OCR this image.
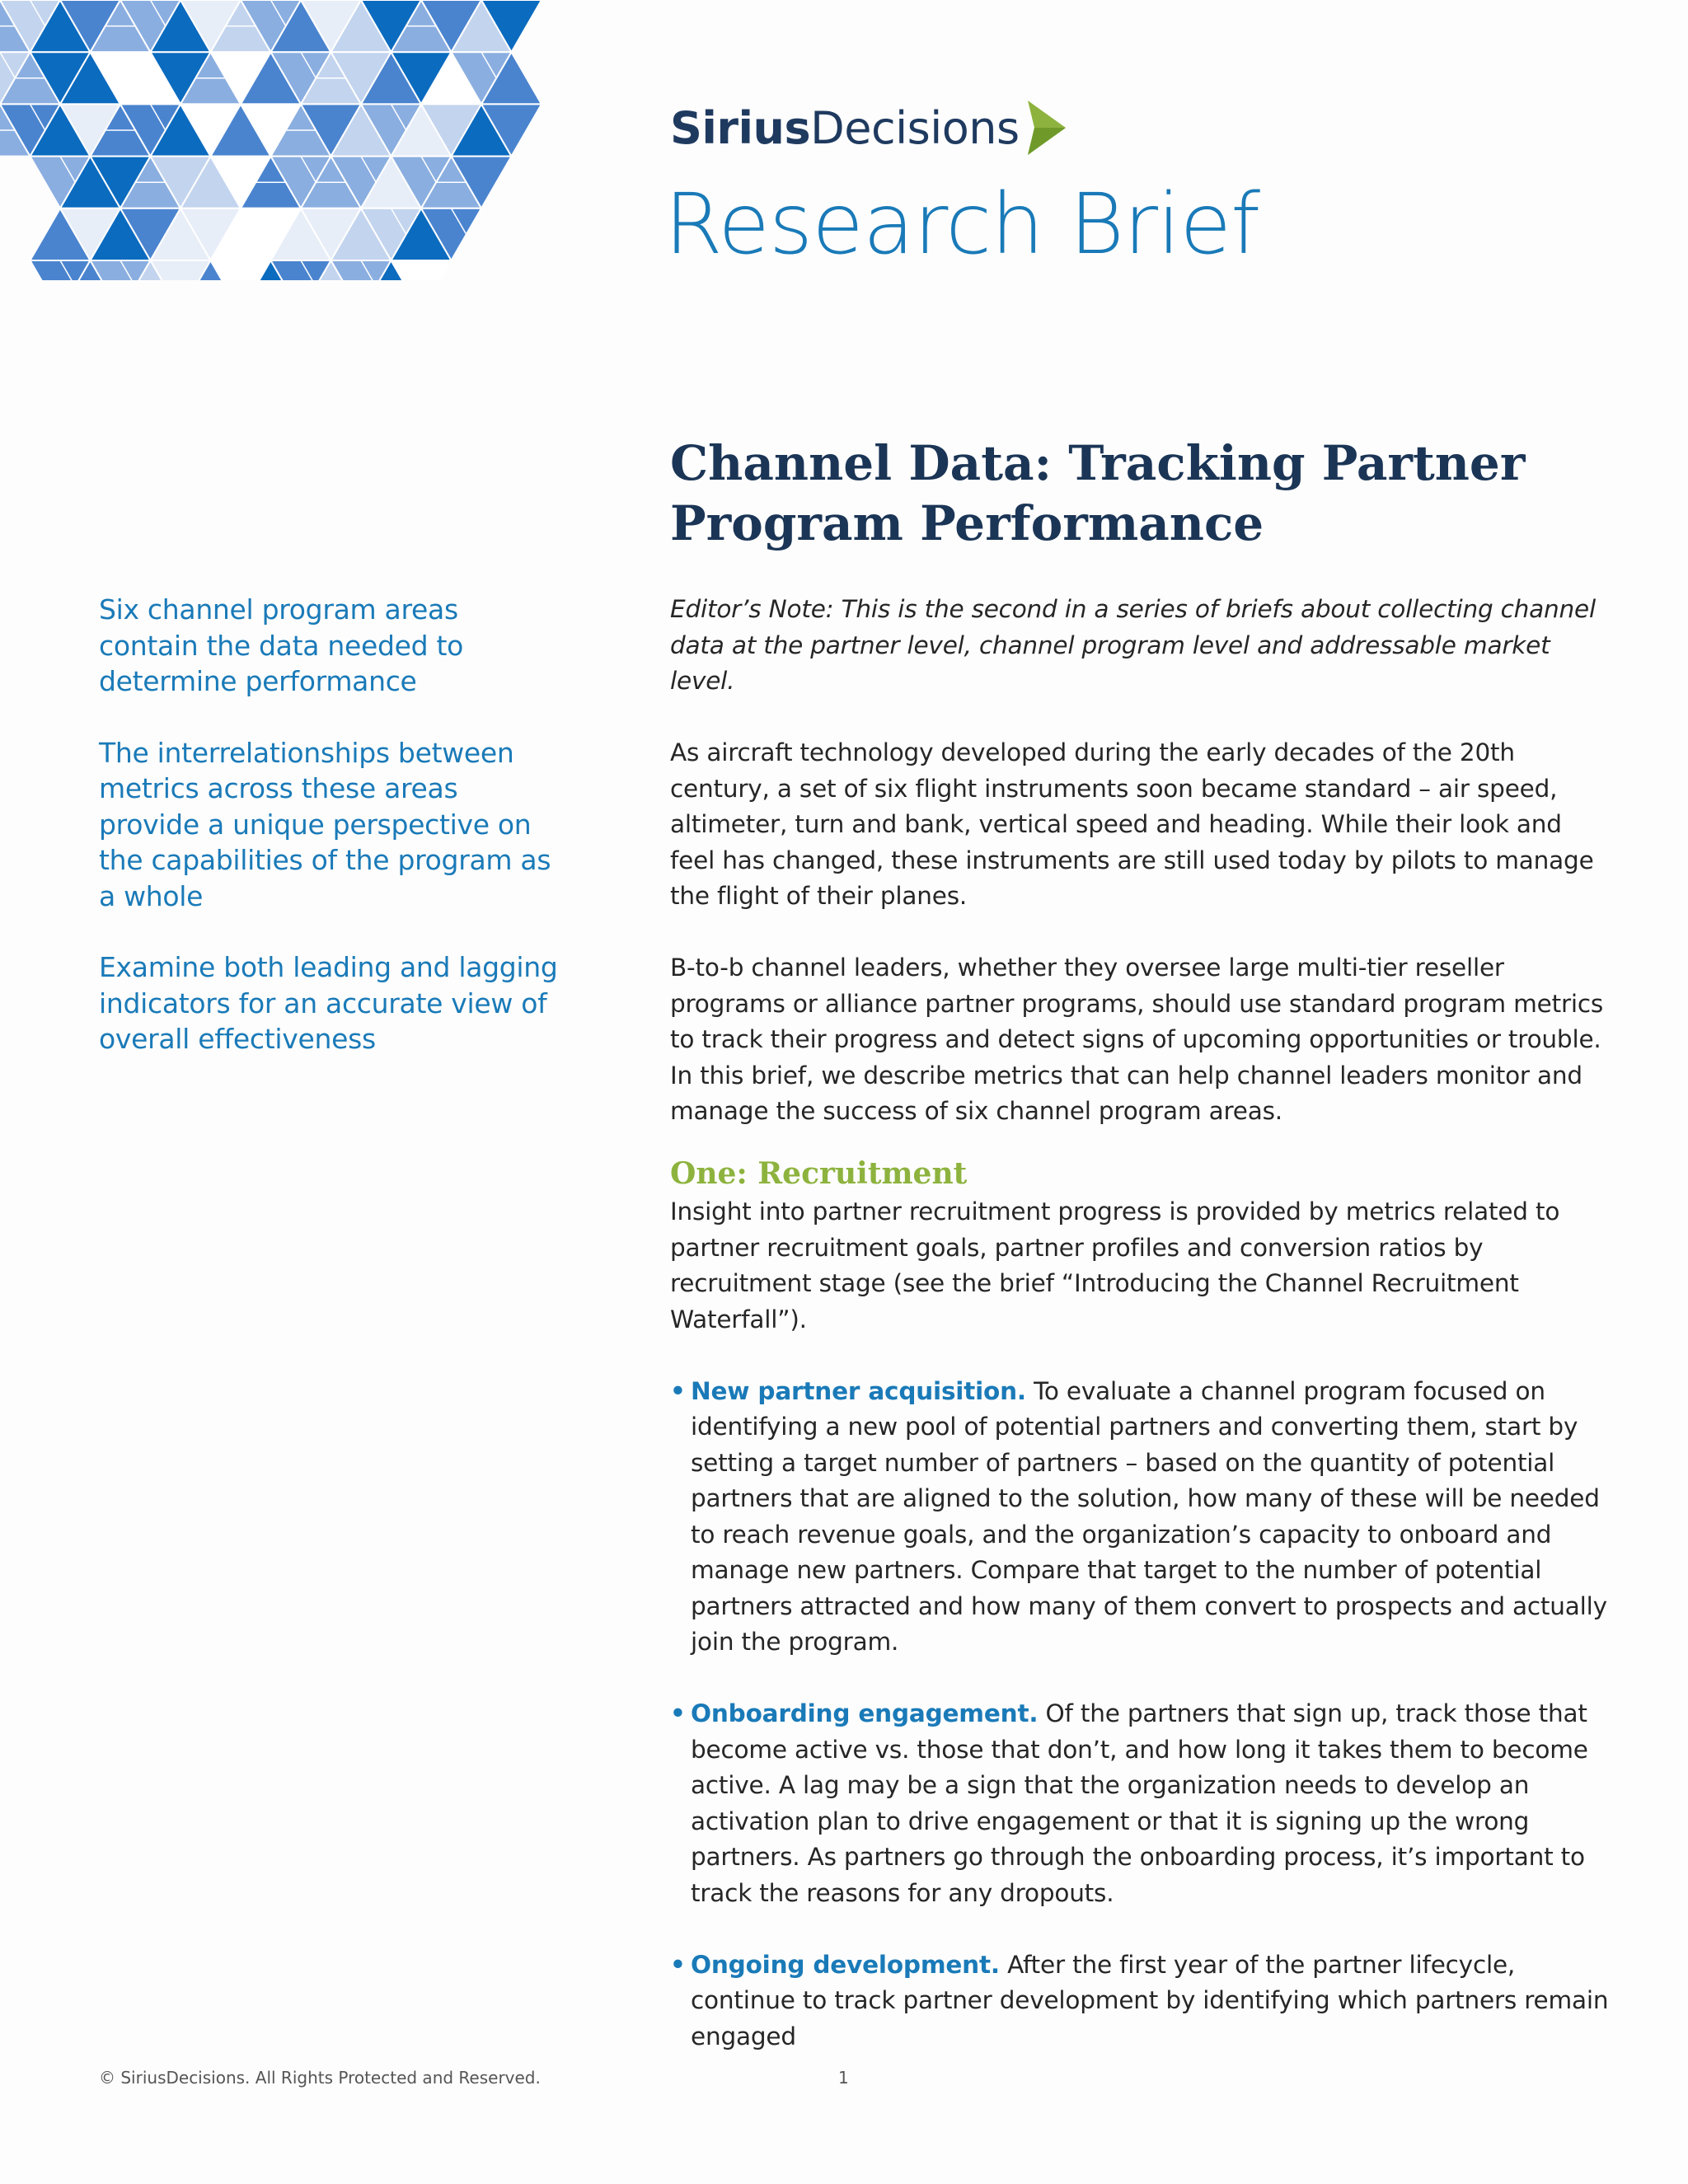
Sirius Decisions
Research Brief
Channel Data: Tracking Partner
Program Performance
Six channel program areas contain the data needed to determine performance
The interrelationships between metrics across these areas provide a unique perspective on the capabilities of the program as a whole
Examine both leading and lagging indicators for an accurate view of overall effectiveness

Editor’s Note: This is the second in a series of briefs about collecting channel data at the partner level, channel program level and addressable market level.

As aircraft technology developed during the early decades of the 20th century, a set of six flight instruments soon became standard – air speed, altimeter, turn and bank, vertical speed and heading. While their look and feel has changed, these instruments are still used today by pilots to manage the flight of their planes.

B-to-b channel leaders, whether they oversee large multi-tier reseller programs or alliance partner programs, should use standard program metrics to track their progress and detect signs of upcoming opportunities or trouble. In this brief, we describe metrics that can help channel leaders monitor and manage the success of six channel program areas.

One: Recruitment

Insight into partner recruitment progress is provided by metrics related to partner recruitment goals, partner profiles and conversion ratios by recruitment stage (see the brief “Introducing the Channel Recruitment Waterfall”).

• New partner acquisition. To evaluate a channel program focused on identifying a new pool of potential partners and converting them, start by setting a target number of partners – based on the quantity of potential partners that are aligned to the solution, how many of these will be needed to reach revenue goals, and the organization’s capacity to onboard and manage new partners. Compare that target to the number of potential partners attracted and how many of them convert to prospects and actually join the program.
• Onboarding engagement. Of the partners that sign up, track those that become active vs. those that don’t, and how long it takes them to become active. A lag may be a sign that the organization needs to develop an activation plan to drive engagement or that it is signing up the wrong partners. As partners go through the onboarding process, it’s important to track the reasons for any dropouts.
• Ongoing development. After the first year of the partner lifecycle, continue to track partner development by identifying which partners remain engaged
© SiriusDecisions. All Rights Protected and Reserved.	1
